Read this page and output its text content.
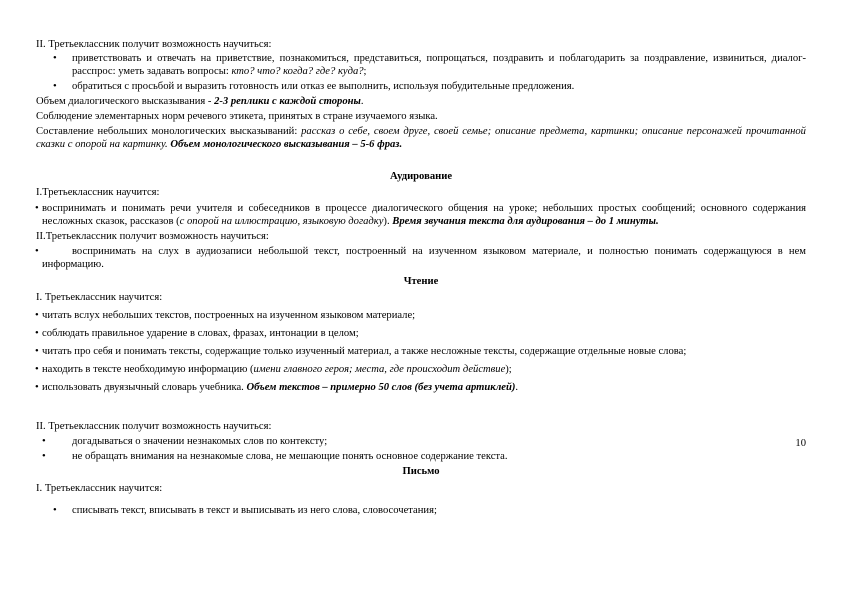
II. Третьеклассник получит возможность научиться:

• приветствовать и отвечать на приветствие, познакомиться, представиться, попрощаться, поздравить и поблагодарить за поздравление, извиниться, диалог-расспрос: уметь задавать вопросы: кто? что? когда? где? куда?;

• обратиться с просьбой и выразить готовность или отказ ее выполнить, используя побудительные предложения.

Объем диалогического высказывания - 2-3 реплики с каждой стороны.

Соблюдение элементарных норм речевого этикета, принятых в стране изучаемого языка.

Составление небольших монологических высказываний: рассказ о себе, своем друге, своей семье; описание предмета, картинки; описание персонажей прочитанной сказки с опорой на картинку. Объем монологического высказывания – 5-6 фраз.

Аудирование

I.Третьеклассник научится:

• воспринимать и понимать речи учителя и собеседников в процессе диалогического общения на уроке; небольших простых сообщений; основного содержания несложных сказок, рассказов (с опорой на иллюстрацию, языковую догадку). Время звучания текста для аудирования – до 1 минуты.

II.Третьеклассник получит возможность научиться:

•	воспринимать на слух в аудиозаписи небольшой текст, построенный на изученном языковом материале, и полностью понимать содержащуюся в нем информацию.

Чтение

I. Третьеклассник научится:

• читать вслух небольших текстов, построенных на изученном языковом материале;

• соблюдать правильное ударение в словах, фразах, интонации в целом;

• читать про себя и понимать тексты, содержащие только изученный материал, а также несложные тексты, содержащие отдельные новые слова;

• находить в тексте необходимую информацию (имени главного героя; места, где происходит действие);

• использовать двуязычный словарь учебника. Объем текстов – примерно 50 слов (без учета артиклей).

II. Третьеклассник получит возможность научиться:

• догадываться о значении незнакомых слов по контексту;

• не обращать внимания на незнакомые слова, не мешающие понять основное содержание текста.

Письмо

I. Третьеклассник научится:

• списывать текст, вписывать в текст и выписывать из него слова, словосочетания;

10
